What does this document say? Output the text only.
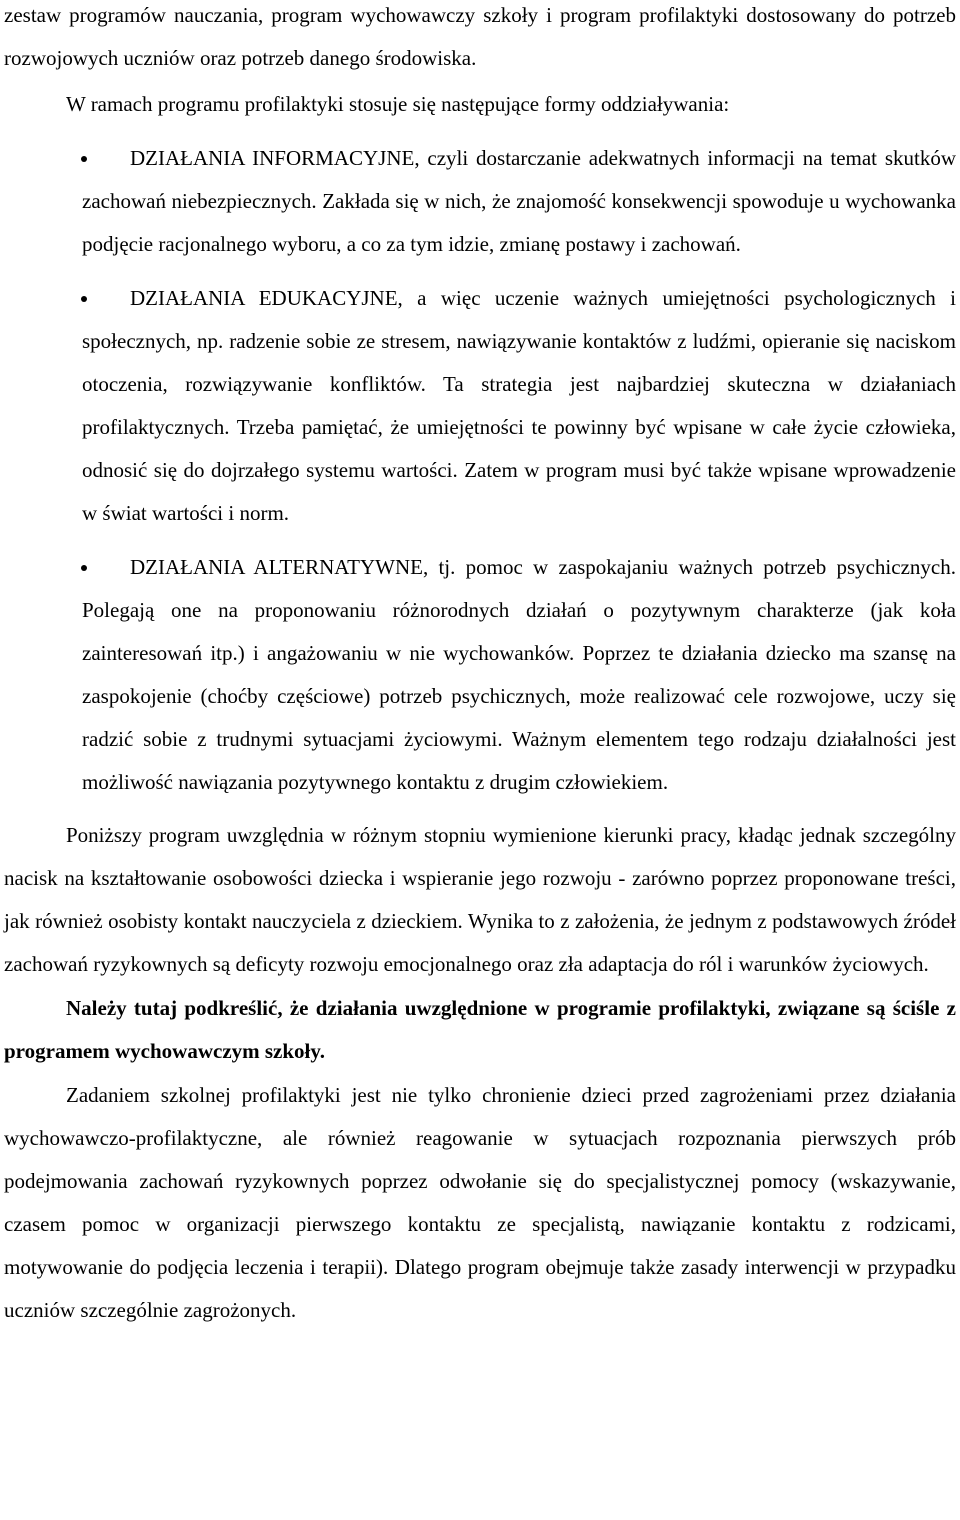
zestaw programów nauczania, program wychowawczy szkoły i program profilaktyki dostosowany do potrzeb rozwojowych uczniów oraz potrzeb danego środowiska.

W ramach programu profilaktyki stosuje się następujące formy oddziaływania:

DZIAŁANIA INFORMACYJNE, czyli dostarczanie adekwatnych informacji na temat skutków zachowań niebezpiecznych. Zakłada się w nich, że znajomość konsekwencji spowoduje u wychowanka podjęcie racjonalnego wyboru, a co za tym idzie, zmianę postawy i zachowań.
DZIAŁANIA EDUKACYJNE, a więc uczenie ważnych umiejętności psychologicznych i społecznych, np. radzenie sobie ze stresem, nawiązywanie kontaktów z ludźmi, opieranie się naciskom otoczenia, rozwiązywanie konfliktów. Ta strategia jest najbardziej skuteczna w działaniach profilaktycznych. Trzeba pamiętać, że umiejętności te powinny być wpisane w całe życie człowieka, odnosić się do dojrzałego systemu wartości. Zatem w program musi być także wpisane wprowadzenie w świat wartości i norm.
DZIAŁANIA ALTERNATYWNE, tj. pomoc w zaspokajaniu ważnych potrzeb psychicznych. Polegają one na proponowaniu różnorodnych działań o pozytywnym charakterze (jak koła zainteresowań itp.) i angażowaniu w nie wychowanków. Poprzez te działania dziecko ma szansę na zaspokojenie (choćby częściowe) potrzeb psychicznych, może realizować cele rozwojowe, uczy się radzić sobie z trudnymi sytuacjami życiowymi. Ważnym elementem tego rodzaju działalności jest możliwość nawiązania pozytywnego kontaktu z drugim człowiekiem.

Poniższy program uwzględnia w różnym stopniu wymienione kierunki pracy, kładąc jednak szczególny nacisk na kształtowanie osobowości dziecka i wspieranie jego rozwoju - zarówno poprzez proponowane treści, jak również osobisty kontakt nauczyciela z dzieckiem. Wynika to z założenia, że jednym z podstawowych źródeł zachowań ryzykownych są deficyty rozwoju emocjonalnego oraz zła adaptacja do ról i warunków życiowych.

Należy tutaj podkreślić, że działania uwzględnione w programie profilaktyki, związane są ściśle z programem wychowawczym szkoły.

Zadaniem szkolnej profilaktyki jest nie tylko chronienie dzieci przed zagrożeniami przez działania wychowawczo-profilaktyczne, ale również reagowanie w sytuacjach rozpoznania pierwszych prób podejmowania zachowań ryzykownych poprzez odwołanie się do specjalistycznej pomocy (wskazywanie, czasem pomoc w organizacji pierwszego kontaktu ze specjalistą, nawiązanie kontaktu z rodzicami, motywowanie do podjęcia leczenia i terapii). Dlatego program obejmuje także zasady interwencji w przypadku uczniów szczególnie zagrożonych.
